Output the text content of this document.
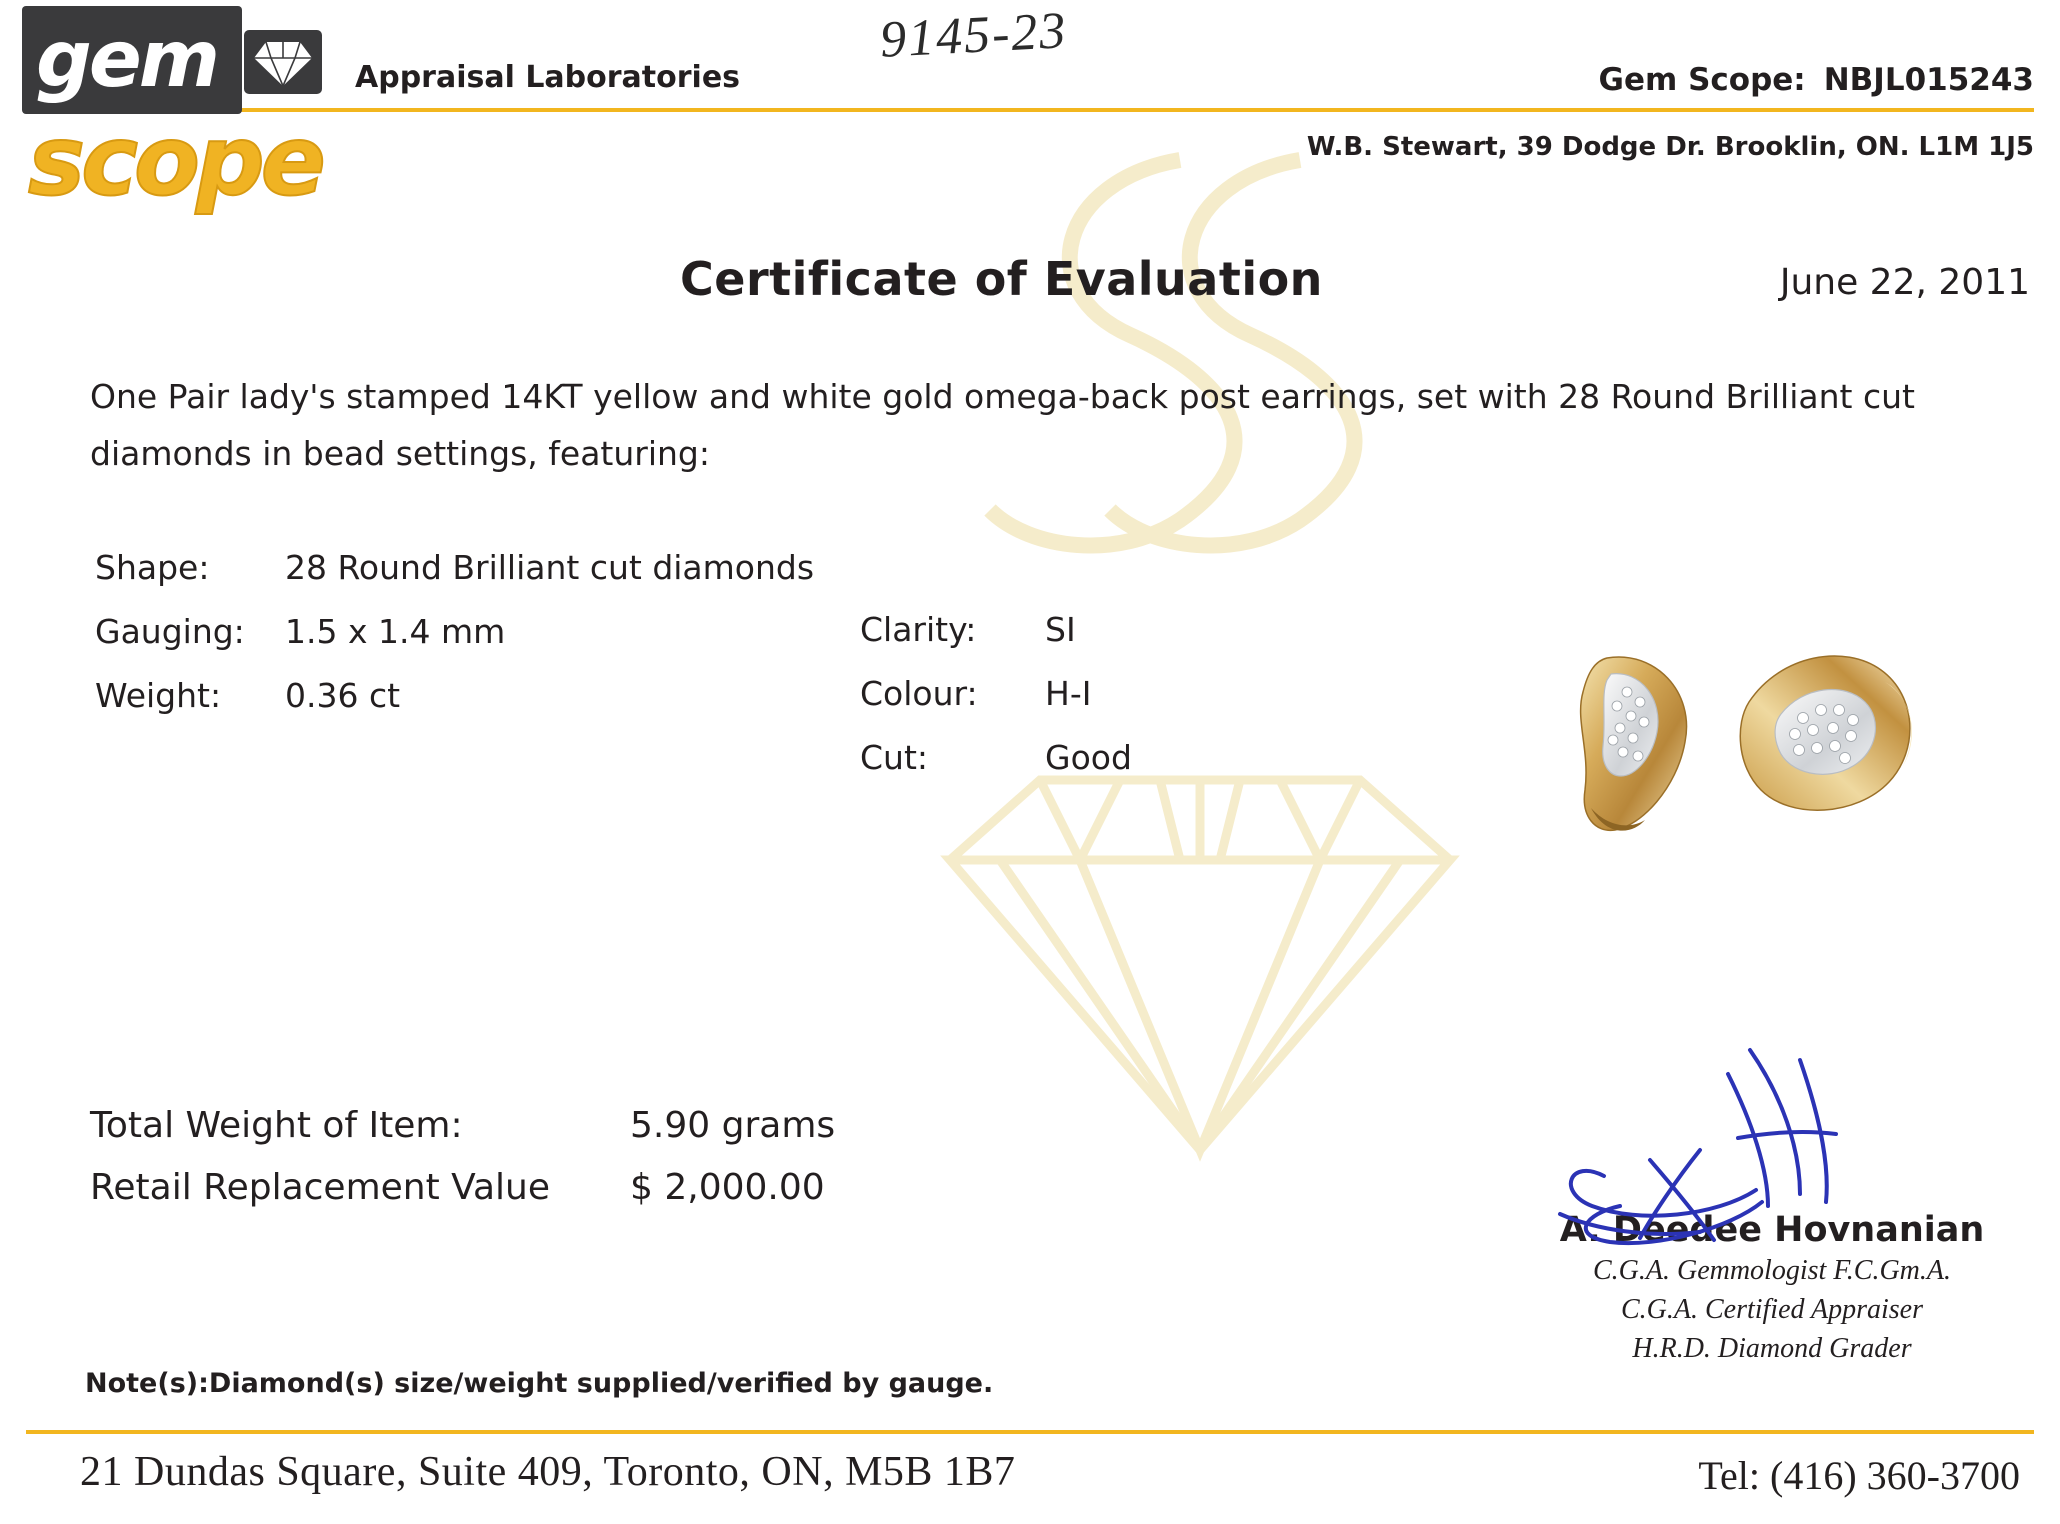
gem
scope
Appraisal Laboratories
9145-23
Gem Scope: NBJL015243
W.B. Stewart, 39 Dodge Dr. Brooklin, ON. L1M 1J5
Certificate of Evaluation	June 22, 2011
One Pair lady's stamped 14KT yellow and white gold omega-back post earrings, set with 28 Round Brilliant cut diamonds in bead settings, featuring:
Shape:	28 Round Brilliant cut diamonds
Gauging:	1.5 x 1.4 mm
Weight:	0.36 ct
Clarity:	SI
Colour:	H-I
Cut:	Good
Total Weight of Item:	5.90 grams
Retail Replacement Value	$ 2,000.00
A. Deedee Hovnanian
C.G.A. Gemmologist F.C.Gm.A.
C.G.A. Certified Appraiser
H.R.D. Diamond Grader
Note(s):Diamond(s) size/weight supplied/verified by gauge.
21 Dundas Square, Suite 409, Toronto, ON, M5B 1B7	Tel: (416) 360-3700
